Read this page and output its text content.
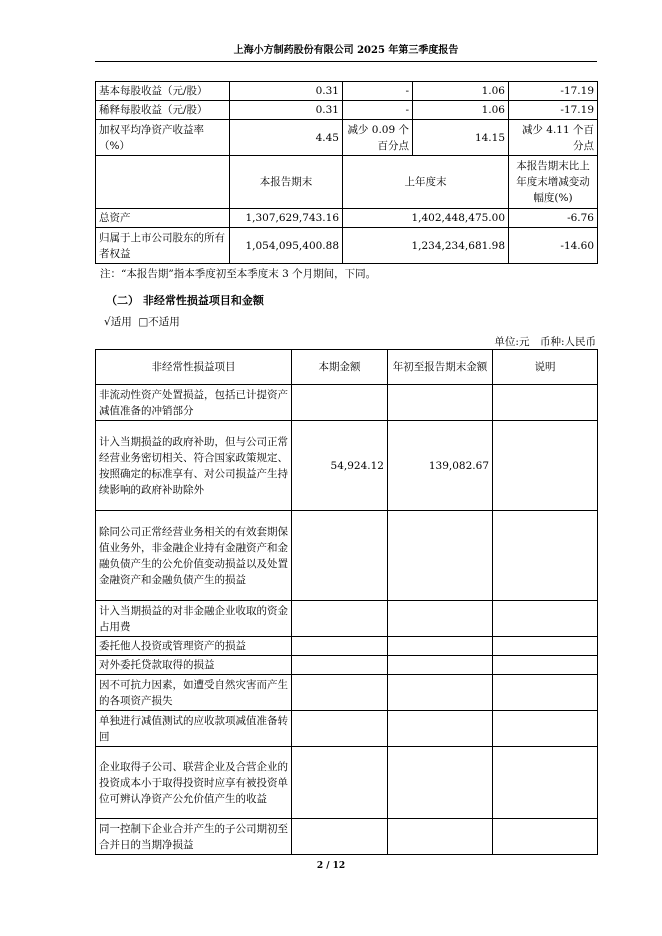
上海小方制药股份有限公司 2025 年第三季度报告
基本每股收益（元/股）	0.31	-	1.06	-17.19
稀释每股收益（元/股）	0.31	-	1.06	-17.19
加权平均净资产收益率（%）	4.45	减少 0.09 个百分点	14.15	减少 4.11 个百分点
	本报告期末	上年度末		本报告期末比上年度末增减变动幅度(%)
总资产	1,307,629,743.16	1,402,448,475.00		-6.76
归属于上市公司股东的所有者权益	1,054,095,400.88	1,234,234,681.98		-14.60
注：“本报告期”指本季度初至本季度末 3 个月期间，下同。
（二） 非经常性损益项目和金额
√适用 □不适用
单位:元　币种:人民币
非经常性损益项目	本期金额	年初至报告期末金额	说明
非流动性资产处置损益，包括已计提资产减值准备的冲销部分			
计入当期损益的政府补助，但与公司正常经营业务密切相关、符合国家政策规定、按照确定的标准享有、对公司损益产生持续影响的政府补助除外	54,924.12	139,082.67	
除同公司正常经营业务相关的有效套期保值业务外，非金融企业持有金融资产和金融负债产生的公允价值变动损益以及处置金融资产和金融负债产生的损益			
计入当期损益的对非金融企业收取的资金占用费			
委托他人投资或管理资产的损益			
对外委托贷款取得的损益			
因不可抗力因素，如遭受自然灾害而产生的各项资产损失			
单独进行减值测试的应收款项减值准备转回			
企业取得子公司、联营企业及合营企业的投资成本小于取得投资时应享有被投资单位可辨认净资产公允价值产生的收益			
同一控制下企业合并产生的子公司期初至合并日的当期净损益			
2 / 12
